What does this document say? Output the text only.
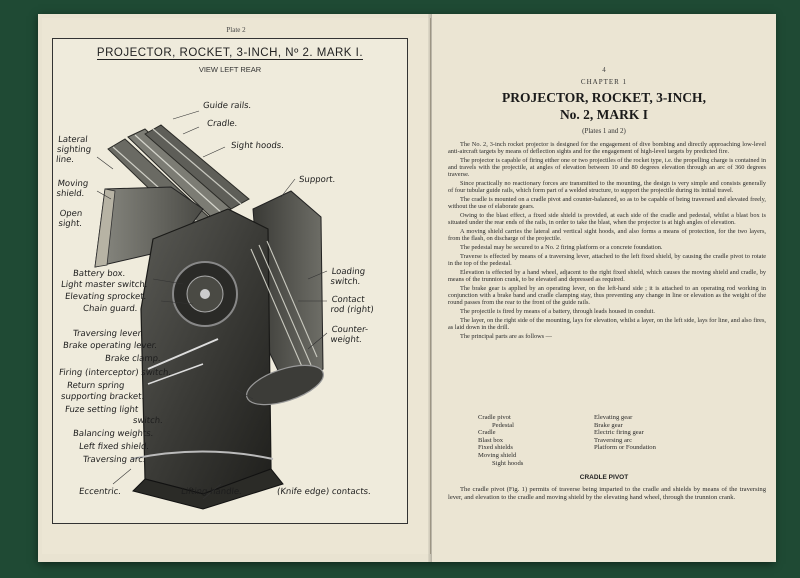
Plate 2
PROJECTOR, ROCKET, 3-INCH, Nº 2. MARK I.
VIEW LEFT REAR
Guide rails.
Cradle.
Sight hoods.
Lateral
sighting
line.
Moving
shield.
Open
sight.
Support.
Battery box.
Light master switch.
Elevating sprocket.
Chain guard.
Loading
switch.
Contact
rod (right)
Counter-
weight.
Traversing lever.
Brake operating lever.
Brake clamp.
Firing (interceptor) switch.
Return spring
supporting bracket.
Fuze setting light
switch.
Balancing weights.
Left fixed shield.
Traversing arc.
Eccentric.	Lifting handle.	(Knife edge) contacts.
4
CHAPTER 1
PROJECTOR, ROCKET, 3-INCH,
No. 2, MARK I
(Plates 1 and 2)

The No. 2, 3-inch rocket projector is designed for the engagement of dive bombing and directly approaching low-level anti-aircraft targets by means of deflection sights and for the engagement of high-level targets by predicted fire.

The projector is capable of firing either one or two projectiles of the rocket type, i.e. the propelling charge is contained in and travels with the projectile, at angles of elevation between 10 and 80 degrees elevation through an arc of 360 degrees traverse.

Since practically no reactionary forces are transmitted to the mounting, the design is very simple and consists generally of four tubular guide rails, which form part of a welded structure, to support the projectile during its initial travel.

The cradle is mounted on a cradle pivot and counter-balanced, so as to be capable of being traversed and elevated freely, without the use of elaborate gears.

Owing to the blast effect, a fixed side shield is provided, at each side of the cradle and pedestal, whilst a blast box is situated under the rear ends of the rails, in order to take the blast, when the projector is at high angles of elevation.

A moving shield carries the lateral and vertical sight hoods, and also forms a means of protection, for the two layers, from the flash, on discharge of the projectile.

The pedestal may be secured to a No. 2 firing platform or a concrete foundation.

Traverse is effected by means of a traversing lever, attached to the left fixed shield, by causing the cradle pivot to rotate in the top of the pedestal.

Elevation is effected by a hand wheel, adjacent to the right fixed shield, which causes the moving shield and cradle, by means of the trunnion crank, to be elevated and depressed as required.

The brake gear is applied by an operating lever, on the left-hand side ; it is attached to an operating rod working in conjunction with a brake band and cradle clamping stay, thus preventing any change in line or elevation as the weight of the round passes from the rear to the front of the guide rails.

The projectile is fired by means of a battery, through leads housed in conduit.

The layer, on the right side of the mounting, lays for elevation, whilst a layer, on the left side, lays for line, and also fires, as laid down in the drill.

The principal parts are as follows —

Cradle pivot
Pedestal
Cradle
Blast box
Fixed shields
Moving shield
Sight hoods
Elevating gear
Brake gear
Electric firing gear
Traversing arc
Platform or Foundation
CRADLE PIVOT

The cradle pivot (Fig. 1) permits of traverse being imparted to the cradle and shields by means of the traversing lever, and elevation to the cradle and moving shield by the elevating hand wheel, through the trunnion crank.
